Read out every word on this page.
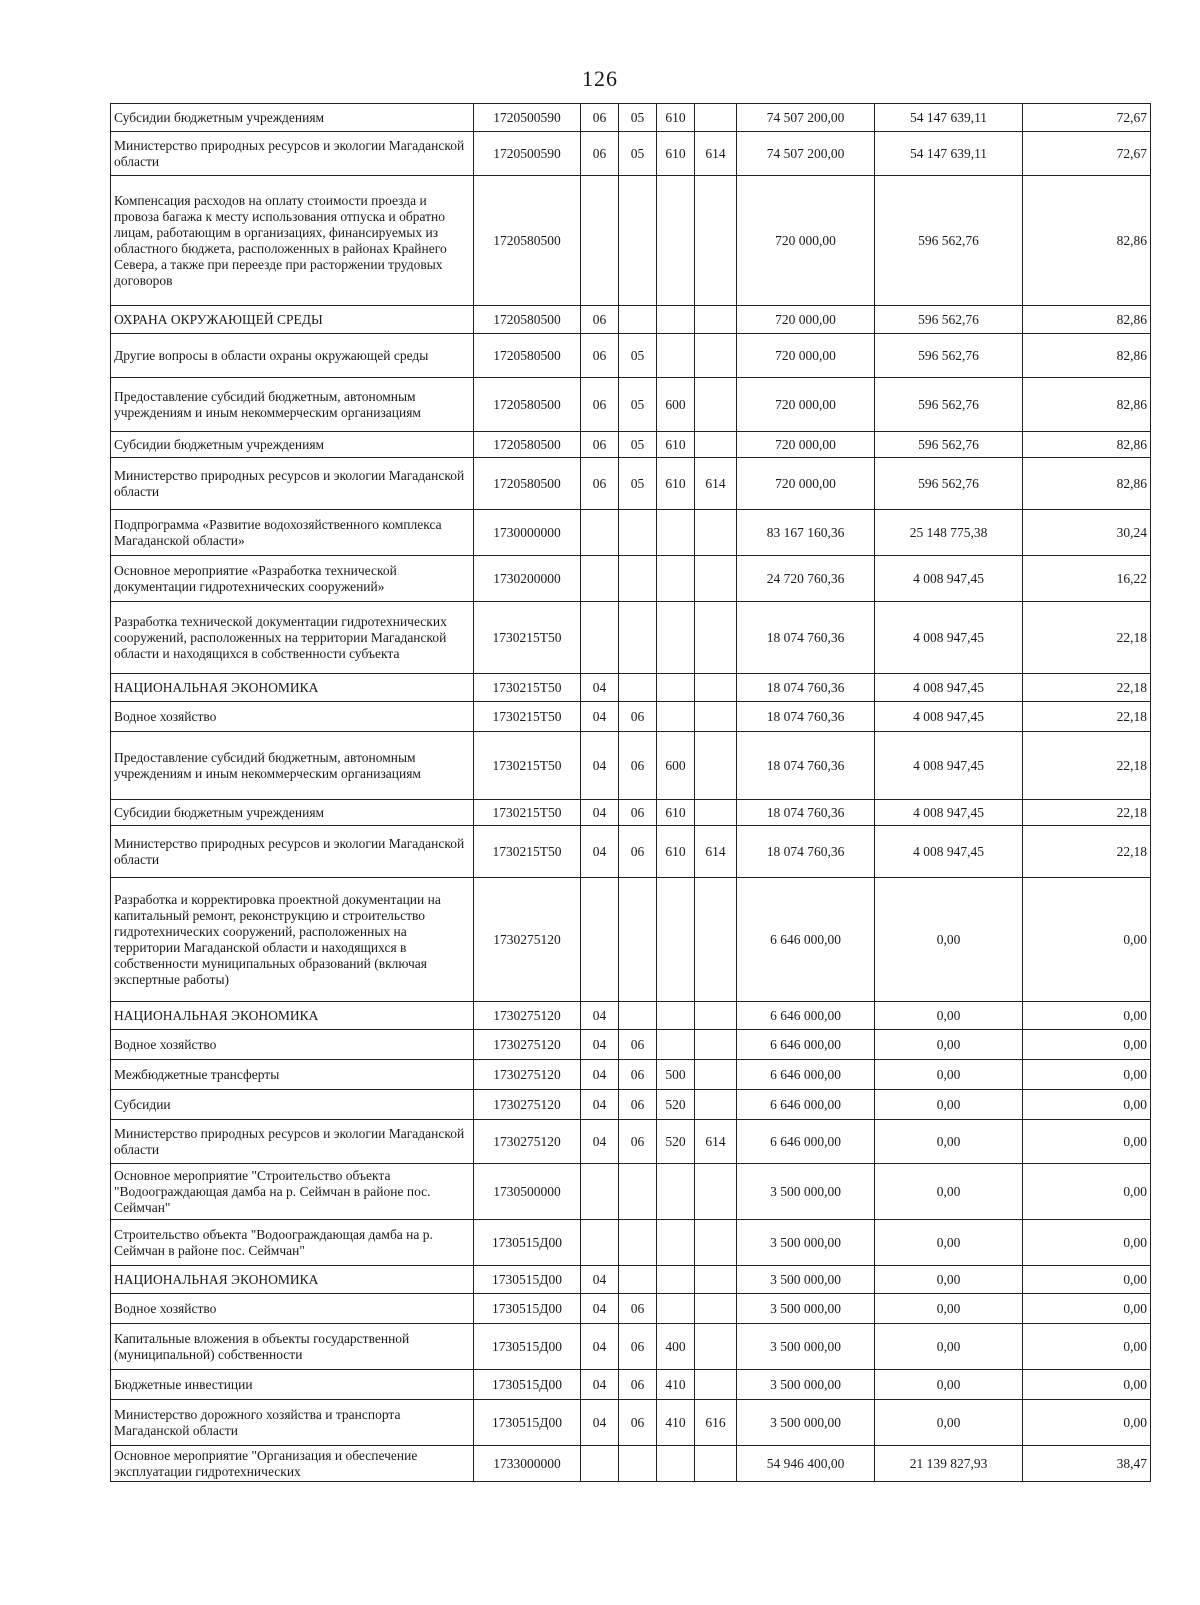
126
Субсидии бюджетным учреждениям	1720500590	06	05	610		74 507 200,00	54 147 639,11	72,67
Министерство природных ресурсов и экологии Магаданской области	1720500590	06	05	610	614	74 507 200,00	54 147 639,11	72,67
Компенсация расходов на оплату стоимости проезда и провоза багажа к месту использования отпуска и обратно лицам, работающим в организациях, финансируемых из областного бюджета, расположенных в районах Крайнего Севера, а также при переезде при расторжении трудовых договоров	1720580500					720 000,00	596 562,76	82,86
ОХРАНА ОКРУЖАЮЩЕЙ СРЕДЫ	1720580500	06				720 000,00	596 562,76	82,86
Другие вопросы в области охраны окружающей среды	1720580500	06	05			720 000,00	596 562,76	82,86
Предоставление субсидий бюджетным, автономным учреждениям и иным некоммерческим организациям	1720580500	06	05	600		720 000,00	596 562,76	82,86
Субсидии бюджетным учреждениям	1720580500	06	05	610		720 000,00	596 562,76	82,86
Министерство природных ресурсов и экологии Магаданской области	1720580500	06	05	610	614	720 000,00	596 562,76	82,86
Подпрограмма «Развитие водохозяйственного комплекса Магаданской области»	1730000000					83 167 160,36	25 148 775,38	30,24
Основное мероприятие «Разработка технической документации гидротехнических сооружений»	1730200000					24 720 760,36	4 008 947,45	16,22
Разработка технической документации гидротехнических сооружений, расположенных на территории Магаданской области и находящихся в собственности субъекта	1730215Т50					18 074 760,36	4 008 947,45	22,18
НАЦИОНАЛЬНАЯ ЭКОНОМИКА	1730215Т50	04				18 074 760,36	4 008 947,45	22,18
Водное хозяйство	1730215Т50	04	06			18 074 760,36	4 008 947,45	22,18
Предоставление субсидий бюджетным, автономным учреждениям и иным некоммерческим организациям	1730215Т50	04	06	600		18 074 760,36	4 008 947,45	22,18
Субсидии бюджетным учреждениям	1730215Т50	04	06	610		18 074 760,36	4 008 947,45	22,18
Министерство природных ресурсов и экологии Магаданской области	1730215Т50	04	06	610	614	18 074 760,36	4 008 947,45	22,18
Разработка и корректировка проектной документации на капитальный ремонт, реконструкцию и строительство гидротехнических сооружений, расположенных на территории Магаданской области и находящихся в собственности муниципальных образований (включая экспертные работы)	1730275120					6 646 000,00	0,00	0,00
НАЦИОНАЛЬНАЯ ЭКОНОМИКА	1730275120	04				6 646 000,00	0,00	0,00
Водное хозяйство	1730275120	04	06			6 646 000,00	0,00	0,00
Межбюджетные трансферты	1730275120	04	06	500		6 646 000,00	0,00	0,00
Субсидии	1730275120	04	06	520		6 646 000,00	0,00	0,00
Министерство природных ресурсов и экологии Магаданской области	1730275120	04	06	520	614	6 646 000,00	0,00	0,00
Основное мероприятие "Строительство объекта "Водоограждающая дамба на р. Сеймчан в районе пос. Сеймчан"	1730500000					3 500 000,00	0,00	0,00
Строительство объекта "Водоограждающая дамба на р. Сеймчан в районе пос. Сеймчан"	1730515Д00					3 500 000,00	0,00	0,00
НАЦИОНАЛЬНАЯ ЭКОНОМИКА	1730515Д00	04				3 500 000,00	0,00	0,00
Водное хозяйство	1730515Д00	04	06			3 500 000,00	0,00	0,00
Капитальные вложения в объекты государственной (муниципальной) собственности	1730515Д00	04	06	400		3 500 000,00	0,00	0,00
Бюджетные инвестиции	1730515Д00	04	06	410		3 500 000,00	0,00	0,00
Министерство дорожного хозяйства и транспорта Магаданской области	1730515Д00	04	06	410	616	3 500 000,00	0,00	0,00
Основное мероприятие "Организация и обеспечение эксплуатации гидротехнических	1733000000					54 946 400,00	21 139 827,93	38,47
